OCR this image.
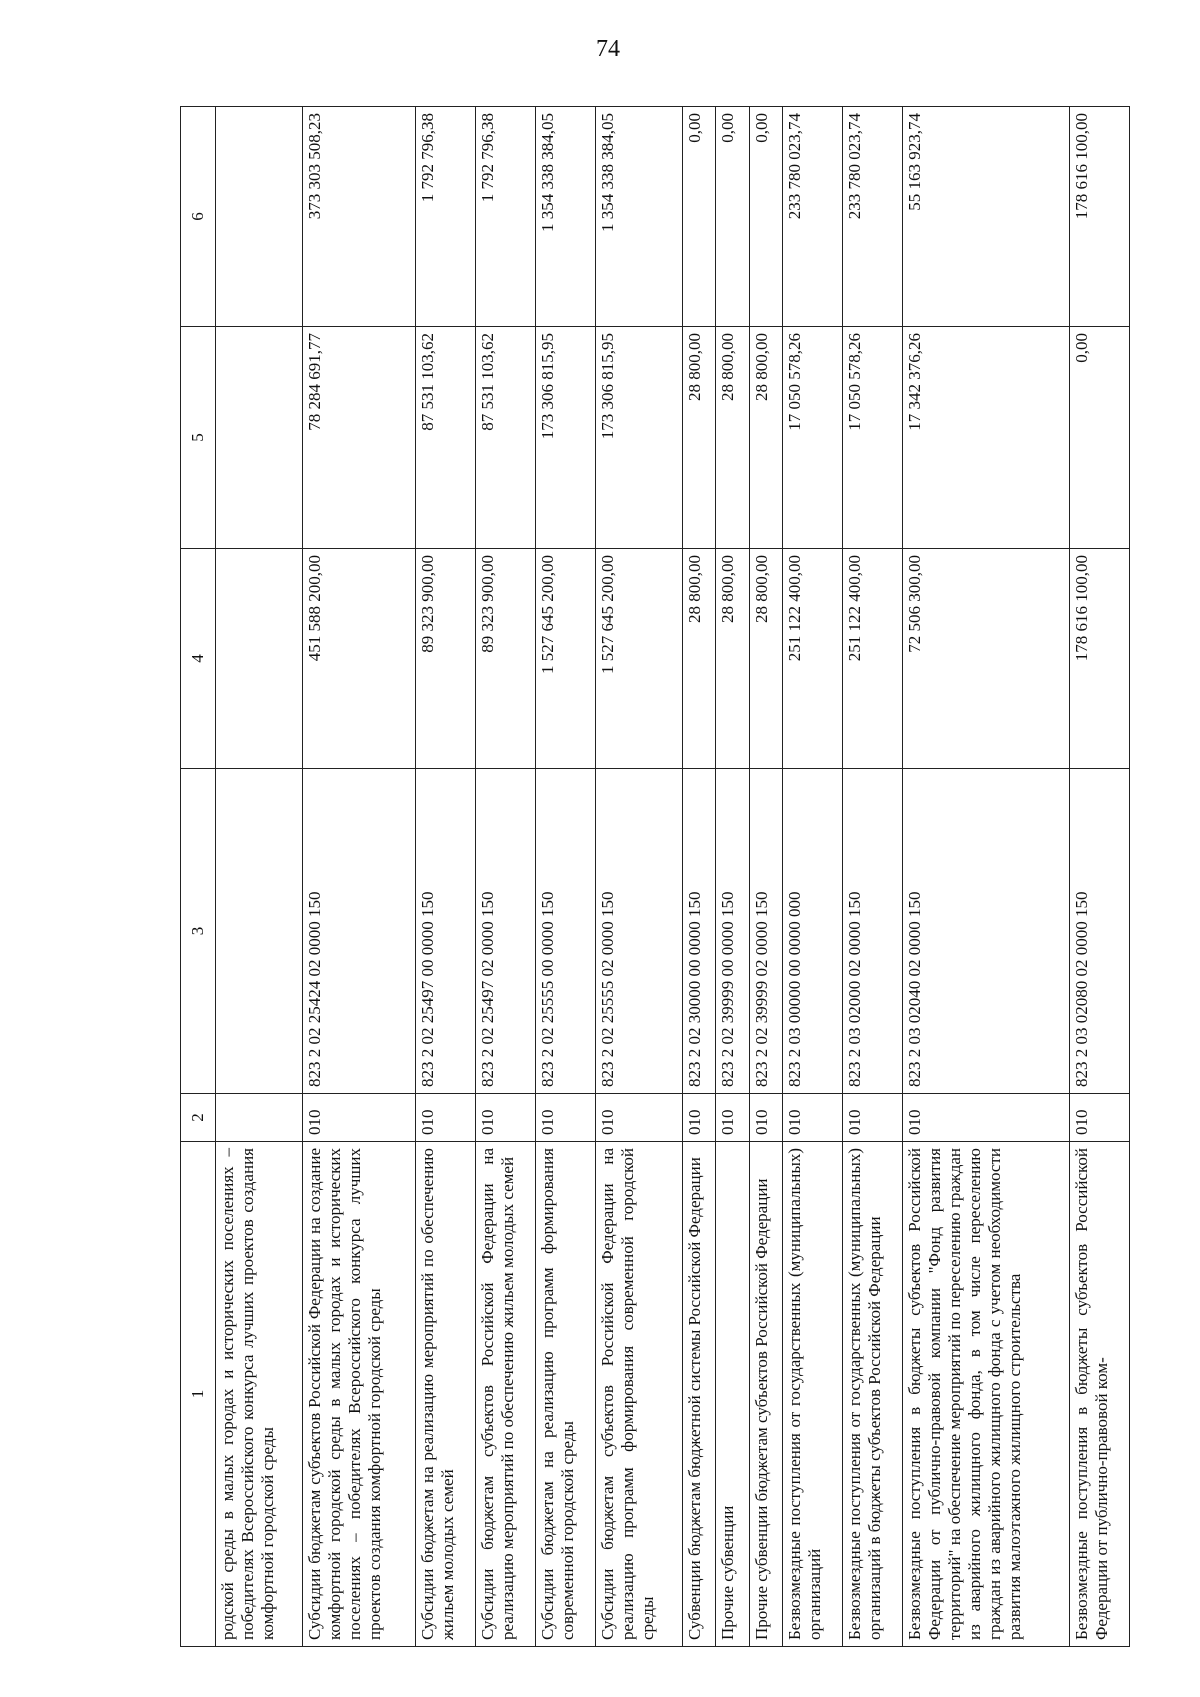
74
1	2	3	4	5	6
родской среды в малых городах и исторических поселениях – победителях Всероссийского конкурса лучших проектов создания комфортной городской среды					
Субсидии бюджетам субъектов Российской Федерации на создание комфортной городской среды в малых городах и исторических поселениях – победителях Всероссийского конкурса лучших проектов создания комфортной городской среды	010	823 2 02 25424 02 0000 150	451 588 200,00	78 284 691,77	373 303 508,23
Субсидии бюджетам на реализацию мероприятий по обеспечению жильем молодых семей	010	823 2 02 25497 00 0000 150	89 323 900,00	87 531 103,62	1 792 796,38
Субсидии бюджетам субъектов Российской Федерации на реализацию мероприятий по обеспечению жильем молодых семей	010	823 2 02 25497 02 0000 150	89 323 900,00	87 531 103,62	1 792 796,38
Субсидии бюджетам на реализацию программ формирования современной городской среды	010	823 2 02 25555 00 0000 150	1 527 645 200,00	173 306 815,95	1 354 338 384,05
Субсидии бюджетам субъектов Российской Федерации на реализацию программ формирования современной городской среды	010	823 2 02 25555 02 0000 150	1 527 645 200,00	173 306 815,95	1 354 338 384,05
Субвенции бюджетам бюджетной системы Российской Федерации	010	823 2 02 30000 00 0000 150	28 800,00	28 800,00	0,00
Прочие субвенции	010	823 2 02 39999 00 0000 150	28 800,00	28 800,00	0,00
Прочие субвенции бюджетам субъектов Российской Федерации	010	823 2 02 39999 02 0000 150	28 800,00	28 800,00	0,00
Безвозмездные поступления от государственных (муниципальных) организаций	010	823 2 03 00000 00 0000 000	251 122 400,00	17 050 578,26	233 780 023,74
Безвозмездные поступления от государственных (муниципальных) организаций в бюджеты субъектов Российской Федерации	010	823 2 03 02000 02 0000 150	251 122 400,00	17 050 578,26	233 780 023,74
Безвозмездные поступления в бюджеты субъектов Российской Федерации от публично-правовой компании "Фонд развития территорий" на обеспечение мероприятий по переселению граждан из аварийного жилищного фонда, в том числе переселению граждан из аварийного жилищного фонда с учетом необходимости развития малоэтажного жилищного строительства	010	823 2 03 02040 02 0000 150	72 506 300,00	17 342 376,26	55 163 923,74
Безвозмездные поступления в бюджеты субъектов Российской Федерации от публично-правовой ком-	010	823 2 03 02080 02 0000 150	178 616 100,00	0,00	178 616 100,00
